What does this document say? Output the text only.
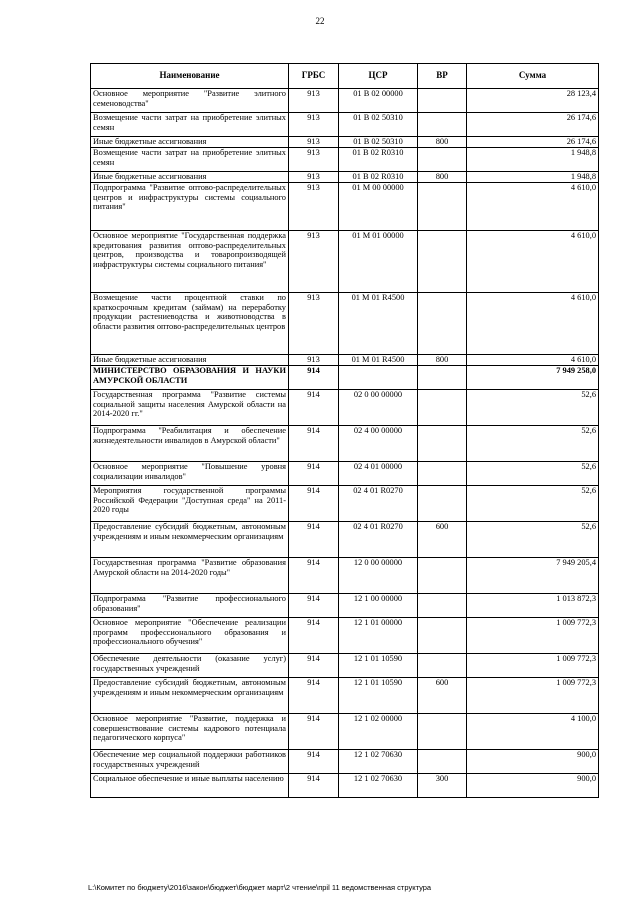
22
Наименование	ГРБС	ЦСР	ВР	Сумма
Основное мероприятие "Развитие элитного семеноводства"	913	01 В 02 00000		28 123,4
Возмещение части затрат на приобретение элитных семян	913	01 В 02 50310		26 174,6
Иные бюджетные ассигнования	913	01 В 02 50310	800	26 174,6
Возмещение части затрат на приобретение элитных семян	913	01 В 02 R0310		1 948,8
Иные бюджетные ассигнования	913	01 В 02 R0310	800	1 948,8
Подпрограмма "Развитие оптово-распределительных центров и инфраструктуры системы социального питания"	913	01 М 00 00000		4 610,0
Основное мероприятие "Государственная поддержка кредитования развития оптово-распределительных центров, производства и товаропроизводящей инфраструктуры системы социального питания"	913	01 М 01 00000		4 610,0
Возмещение части процентной ставки по краткосрочным кредитам (займам) на переработку продукции растениеводства и животноводства в области развития оптово-распределительных центров	913	01 М 01 R4500		4 610,0
Иные бюджетные ассигнования	913	01 М 01 R4500	800	4 610,0
МИНИСТЕРСТВО ОБРАЗОВАНИЯ И НАУКИ АМУРСКОЙ ОБЛАСТИ	914			7 949 258,0
Государственная программа "Развитие системы социальной защиты населения Амурской области на 2014-2020 гг."	914	02 0 00 00000		52,6
Подпрограмма "Реабилитация и обеспечение жизнедеятельности инвалидов в Амурской области"	914	02 4 00 00000		52,6
Основное мероприятие "Повышение уровня социализации инвалидов"	914	02 4 01 00000		52,6
Мероприятия государственной программы Российской Федерации "Доступная среда" на 2011-2020 годы	914	02 4 01 R0270		52,6
Предоставление субсидий бюджетным, автономным учреждениям и иным некоммерческим организациям	914	02 4 01 R0270	600	52,6
Государственная программа "Развитие образования Амурской области на 2014-2020 годы"	914	12 0 00 00000		7 949 205,4
Подпрограмма "Развитие профессионального образования"	914	12 1 00 00000		1 013 872,3
Основное мероприятие "Обеспечение реализации программ профессионального образования и профессионального обучения"	914	12 1 01 00000		1 009 772,3
Обеспечение деятельности (оказание услуг) государственных учреждений	914	12 1 01 10590		1 009 772,3
Предоставление субсидий бюджетным, автономным учреждениям и иным некоммерческим организациям	914	12 1 01 10590	600	1 009 772,3
Основное мероприятие "Развитие, поддержка и совершенствование системы кадрового потенциала педагогического корпуса"	914	12 1 02 00000		4 100,0
Обеспечение мер социальной поддержки работников государственных учреждений	914	12 1 02 70630		900,0
Социальное обеспечение и иные выплаты населению	914	12 1 02 70630	300	900,0
L:\Комитет по бюджету\2016\закон\бюджет\бюджет март\2 чтение\прil 11 ведомственная структура
